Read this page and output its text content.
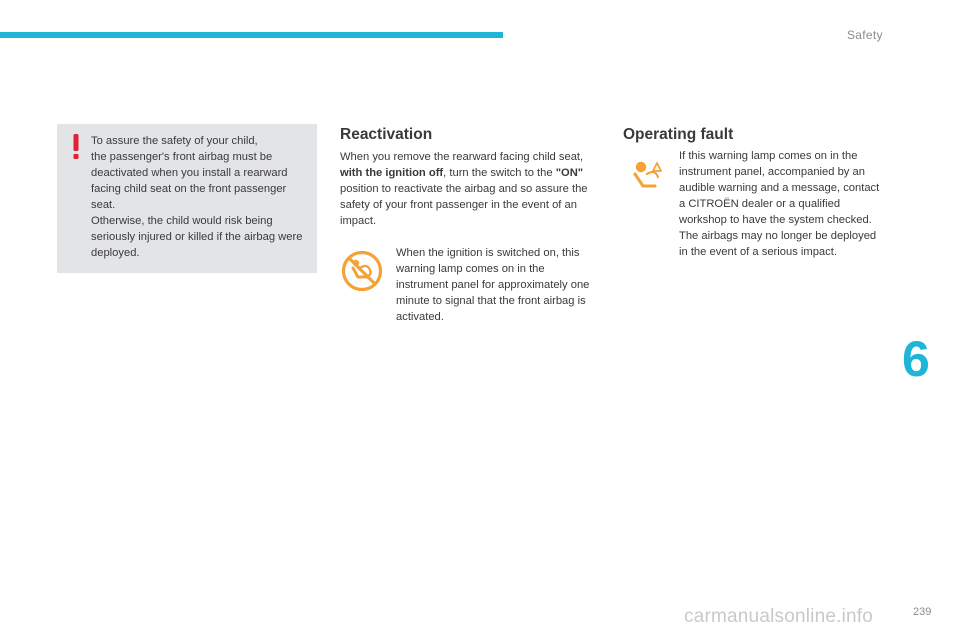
Safety

To assure the safety of your child,

the passenger's front airbag must be deactivated when you install a rearward facing child seat on the front passenger seat.

Otherwise, the child would risk being seriously injured or killed if the airbag were deployed.

Reactivation

When you remove the rearward facing child seat, with the ignition off, turn the switch to the "ON" position to reactivate the airbag and so assure the safety of your front passenger in the event of an impact.

When the ignition is switched on, this warning lamp comes on in the instrument panel for approximately one minute to signal that the front airbag is activated.

Operating fault

If this warning lamp comes on in the instrument panel, accompanied by an audible warning and a message, contact a CITROËN dealer or a qualified workshop to have the system checked.

The airbags may no longer be deployed in the event of a serious impact.

6
carmanualsonline.info	239
